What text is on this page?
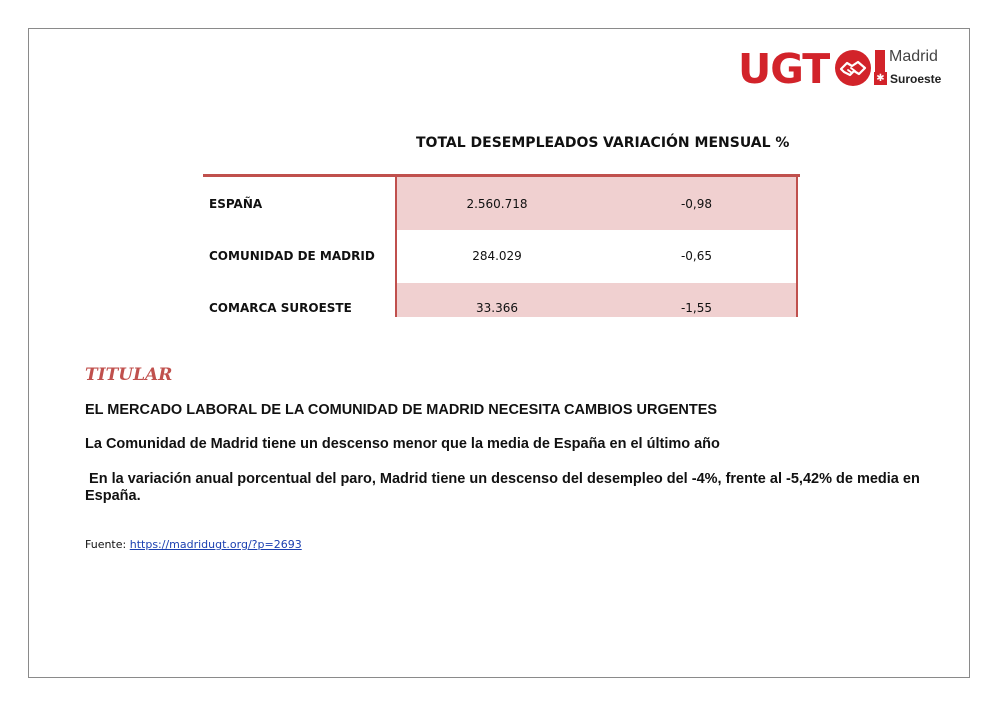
UGT	✱
Madrid
Suroeste
TOTAL DESEMPLEADOS VARIACIÓN MENSUAL %
ESPAÑA	2.560.718	-0,98
COMUNIDAD DE MADRID	284.029	-0,65
COMARCA SUROESTE	33.366	-1,55
TITULAR
EL MERCADO LABORAL DE LA COMUNIDAD DE MADRID NECESITA CAMBIOS URGENTES
La Comunidad de Madrid tiene un descenso menor que la media de España en el último año
En la variación anual porcentual del paro, Madrid tiene un descenso del desempleo del -4%, frente al -5,42% de media en España.
Fuente: https://madridugt.org/?p=2693
